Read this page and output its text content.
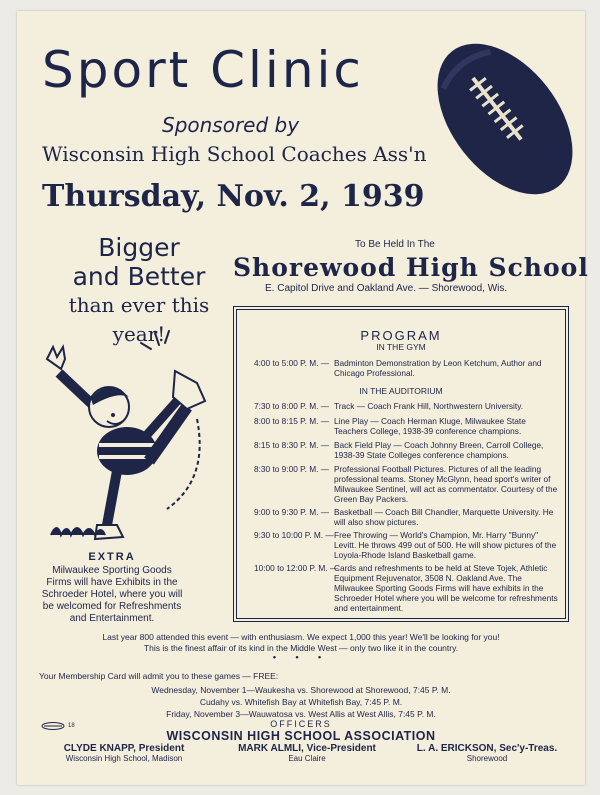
Sport Clinic
Sponsored by
Wisconsin High School Coaches Ass'n
Thursday, Nov. 2, 1939
Bigger
and Better
than ever this year!
To Be Held In The
Shorewood High School
E. Capitol Drive and Oakland Ave. — Shorewood, Wis.
EXTRA
Milwaukee Sporting Goods Firms will have Exhibits in the Schroeder Hotel, where you will be welcomed for Refreshments and Entertainment.
PROGRAM
IN THE GYM
4:00 to 5:00 P. M. — Badminton Demonstration by Leon Ketchum, Author and Chicago Professional.
IN THE AUDITORIUM
7:30 to 8:00 P. M. — Track — Coach Frank Hill, Northwestern University.
8:00 to 8:15 P. M. — Line Play — Coach Herman Kluge, Milwaukee State Teachers College, 1938-39 conference champions.
8:15 to 8:30 P. M. — Back Field Play — Coach Johnny Breen, Carroll College, 1938-39 State Colleges conference champions.
8:30 to 9:00 P. M. — Professional Football Pictures. Pictures of all the leading professional teams. Stoney McGlynn, head sport's writer of Milwaukee Sentinel, will act as commentator. Courtesy of the Green Bay Packers.
9:00 to 9:30 P. M. — Basketball — Coach Bill Chandler, Marquette University. He will also show pictures.
9:30 to 10:00 P. M. — Free Throwing — World's Champion, Mr. Harry "Bunny" Levitt. He throws 499 out of 500. He will show pictures of the Loyola-Rhode Island Basketball game.
10:00 to 12:00 P. M. —
Cards and refreshments to be held at Steve Tojek, Athletic Equipment Rejuvenator, 3508 N. Oakland Ave. The Milwaukee Sporting Goods Firms will have exhibits in the Schroeder Hotel where you will be welcome for refreshments and entertainment.
Last year 800 attended this event — with enthusiasm. We expect 1,000 this year! We'll be looking for you!
This is the finest affair of its kind in the Middle West — only two like it in the country.
• • •
Your Membership Card will admit you to these games — FREE:
Wednesday, November 1—Waukesha vs. Shorewood at Shorewood, 7:45 P. M.
Cudahy vs. Whitefish Bay at Whitefish Bay, 7:45 P. M.
Friday, November 3—Wauwatosa vs. West Allis at West Allis, 7:45 P. M.
18	OFFICERS
WISCONSIN HIGH SCHOOL ASSOCIATION
CLYDE KNAPP, President
Wisconsin High School, Madison
MARK ALMLI, Vice-President
Eau Claire
L. A. ERICKSON, Sec'y-Treas.
Shorewood
